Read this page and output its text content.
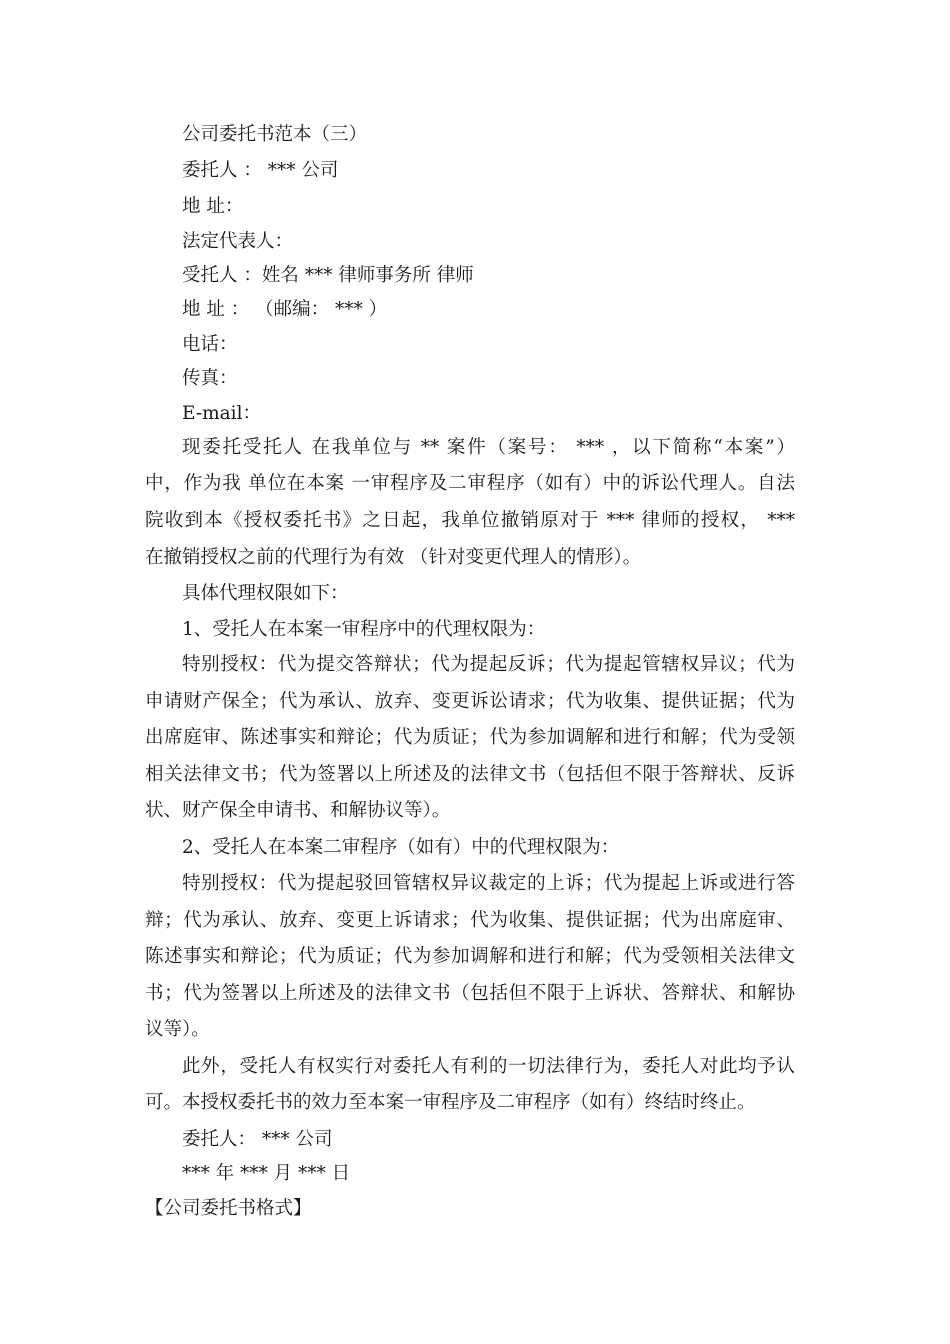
公司委托书范本（三）
委托人 ： *** 公司
地 址：
法定代表人：
受托人 ：姓名 *** 律师事务所 律师
地 址 ： （邮编： *** ）
电话：
传真：
E-mail：
现委托受托人 在我单位与 ** 案件（案号： *** ，以下简称“本案”）
中，作为我 单位在本案 一审程序及二审程序（如有）中的诉讼代理人。自法
院收到本《授权委托书》之日起，我单位撤销原对于 *** 律师的授权， ***
在撤销授权之前的代理行为有效 （针对变更代理人的情形）。
具体代理权限如下：
1、受托人在本案一审程序中的代理权限为：
特别授权：代为提交答辩状；代为提起反诉；代为提起管辖权异议；代为
申请财产保全；代为承认、放弃、变更诉讼请求；代为收集、提供证据；代为
出席庭审、陈述事实和辩论；代为质证；代为参加调解和进行和解；代为受领
相关法律文书；代为签署以上所述及的法律文书（包括但不限于答辩状、反诉
状、财产保全申请书、和解协议等）。
2、受托人在本案二审程序（如有）中的代理权限为：
特别授权：代为提起驳回管辖权异议裁定的上诉；代为提起上诉或进行答
辩；代为承认、放弃、变更上诉请求；代为收集、提供证据；代为出席庭审、
陈述事实和辩论；代为质证；代为参加调解和进行和解；代为受领相关法律文
书；代为签署以上所述及的法律文书（包括但不限于上诉状、答辩状、和解协
议等）。
此外，受托人有权实行对委托人有利的一切法律行为，委托人对此均予认
可。本授权委托书的效力至本案一审程序及二审程序（如有）终结时终止。
委托人： *** 公司
*** 年 *** 月 *** 日
【公司委托书格式】
